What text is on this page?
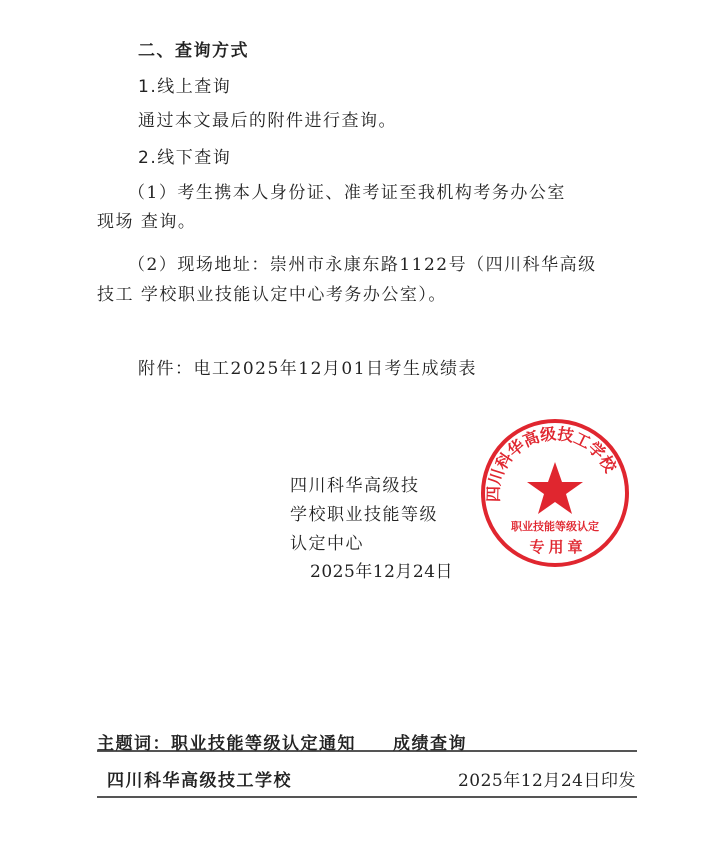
二、查询方式
1.线上查询
通过本文最后的附件进行查询。
2.线下查询
（1）考生携本人身份证、准考证至我机构考务办公室
现场 查询。
（2）现场地址：崇州市永康东路1122号（四川科华高级
技工 学校职业技能认定中心考务办公室）。
附件：电工2025年12月01日考生成绩表
四川科华高级技
学校职业技能等级
认定中心
2025年12月24日
四川科华高级技工学校
职业技能等级认定
专用章
主题词：职业技能等级认定通知　　成绩查询
四川科华高级技工学校	2025年12月24日印发
